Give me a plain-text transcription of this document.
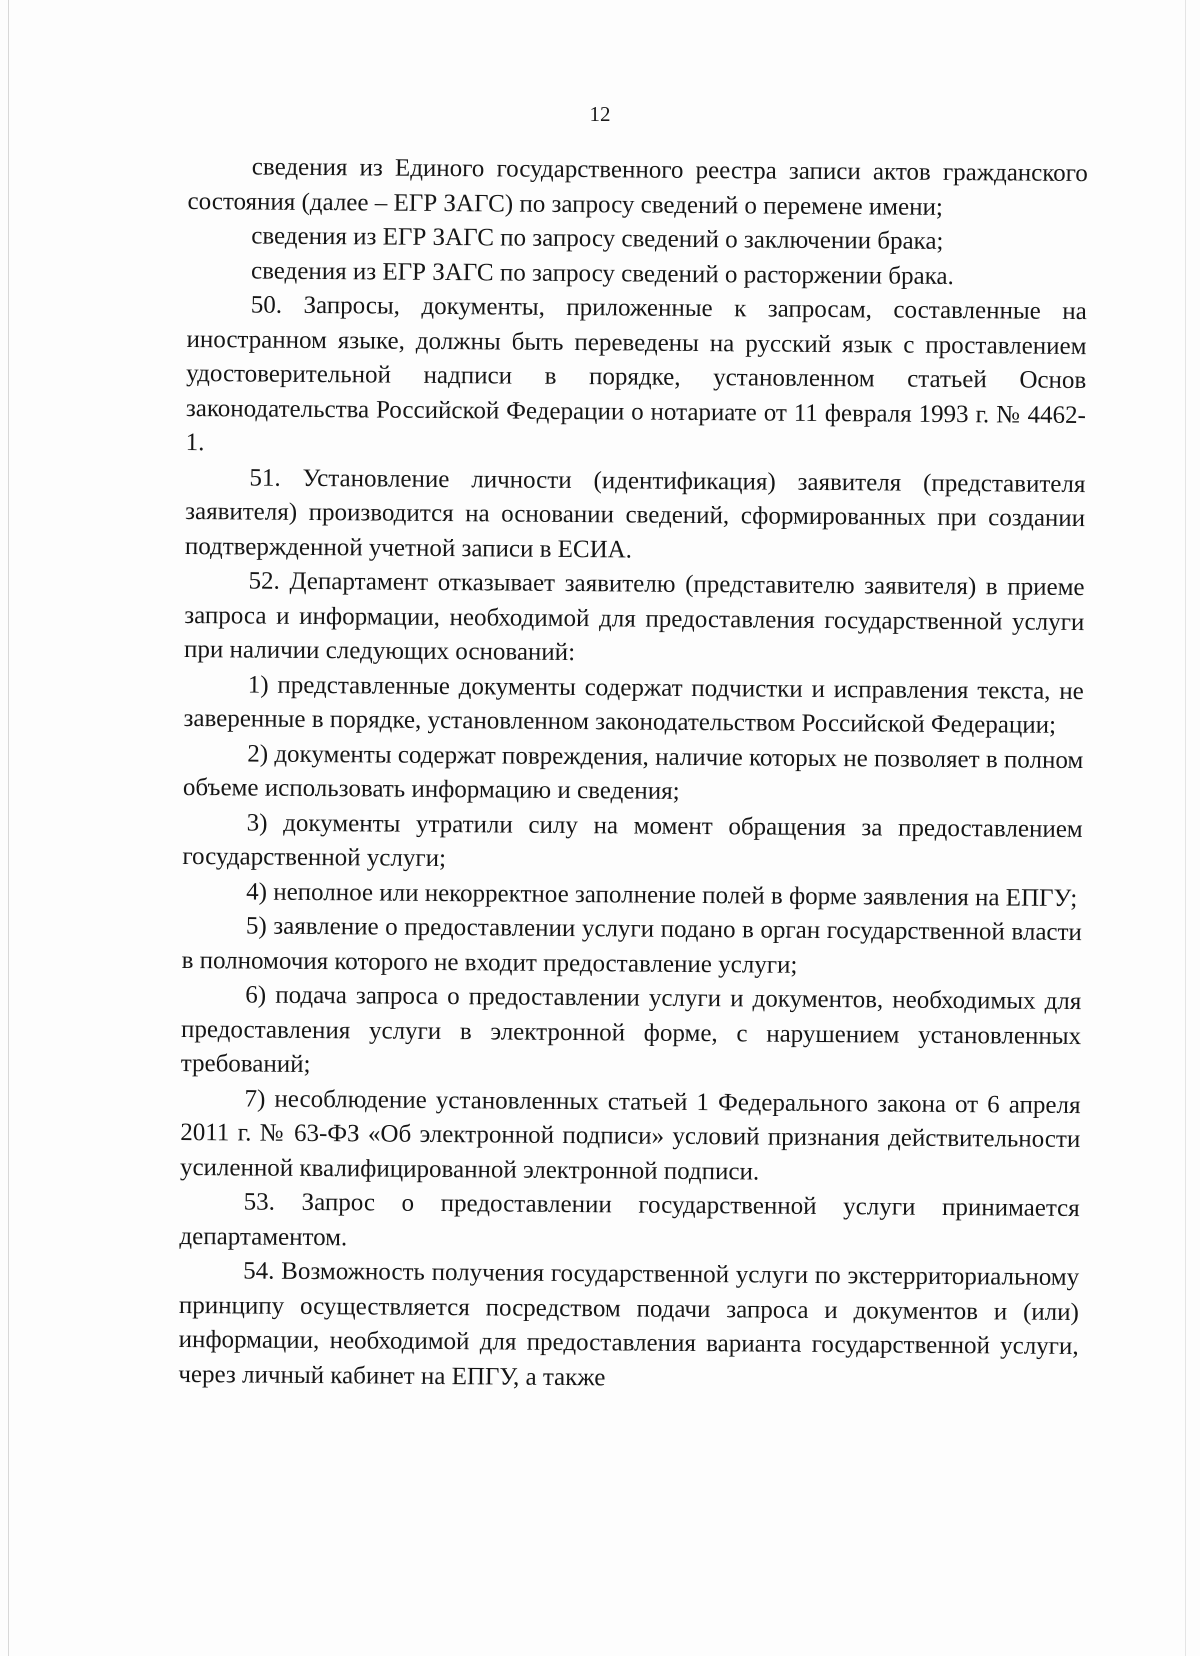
12

сведения из Единого государственного реестра записи актов гражданского состояния (далее – ЕГР ЗАГС) по запросу сведений о перемене имени;

сведения из ЕГР ЗАГС по запросу сведений о заключении брака;

сведения из ЕГР ЗАГС по запросу сведений о расторжении брака.

50. Запросы, документы, приложенные к запросам, составленные на иностранном языке, должны быть переведены на русский язык с проставлением удостоверительной надписи в порядке, установленном статьей Основ законодательства Российской Федерации о нотариате от 11 февраля 1993 г. № 4462-1.

51. Установление личности (идентификация) заявителя (представителя заявителя) производится на основании сведений, сформированных при создании подтвержденной учетной записи в ЕСИА.

52. Департамент отказывает заявителю (представителю заявителя) в приеме запроса и информации, необходимой для предоставления государственной услуги при наличии следующих оснований:

1) представленные документы содержат подчистки и исправления текста, не заверенные в порядке, установленном законодательством Российской Федерации;

2) документы содержат повреждения, наличие которых не позволяет в полном объеме использовать информацию и сведения;

3) документы утратили силу на момент обращения за предоставлением государственной услуги;

4) неполное или некорректное заполнение полей в форме заявления на ЕПГУ;

5) заявление о предоставлении услуги подано в орган государственной власти в полномочия которого не входит предоставление услуги;

6) подача запроса о предоставлении услуги и документов, необходимых для предоставления услуги в электронной форме, с нарушением установленных требований;

7) несоблюдение установленных статьей 1 Федерального закона от 6 апреля 2011 г. № 63-ФЗ «Об электронной подписи» условий признания действительности усиленной квалифицированной электронной подписи.

53. Запрос о предоставлении государственной услуги принимается департаментом.

54. Возможность получения государственной услуги по экстерриториальному принципу осуществляется посредством подачи запроса и документов и (или) информации, необходимой для предоставления варианта государственной услуги, через личный кабинет на ЕПГУ, а также
